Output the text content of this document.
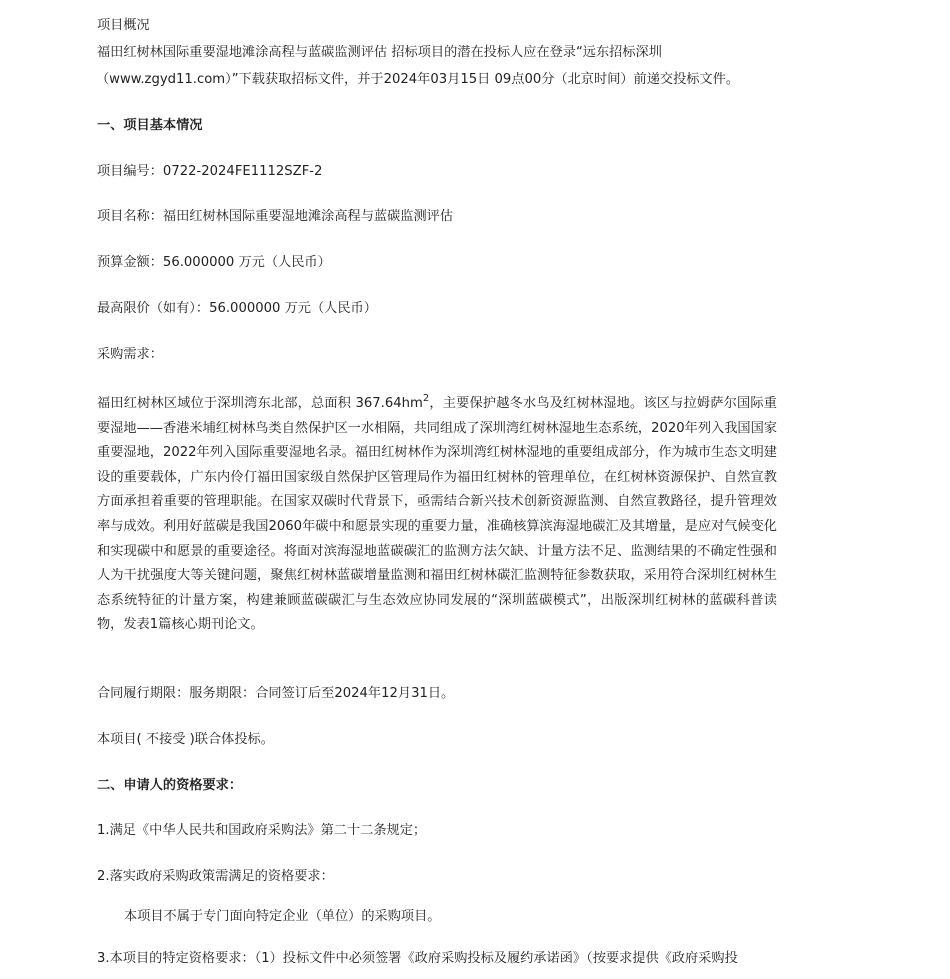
项目概况

福田红树林国际重要湿地滩涂高程与蓝碳监测评估 招标项目的潜在投标人应在登录“远东招标深圳

（www.zgyd11.com）”下载获取招标文件，并于2024年03月15日 09点00分（北京时间）前递交投标文件。

一、项目基本情况

项目编号：0722-2024FE1112SZF-2

项目名称：福田红树林国际重要湿地滩涂高程与蓝碳监测评估

预算金额：56.000000 万元（人民币）

最高限价（如有）：56.000000 万元（人民币）

采购需求：

福田红树林区域位于深圳湾东北部，总面积 $367.64hm^2$，主要保护越冬水鸟及红树林湿地。该区与拉姆萨尔国际重要湿地——香港米埔红树林鸟类自然保护区一水相隔，共同组成了深圳湾红树林湿地生态系统，2020年列入我国国家重要湿地，2022年列入国际重要湿地名录。福田红树林作为深圳湾红树林湿地的重要组成部分，作为城市生态文明建设的重要载体，广东内伶仃福田国家级自然保护区管理局作为福田红树林的管理单位，在红树林资源保护、自然宣教方面承担着重要的管理职能。在国家双碳时代背景下，亟需结合新兴技术创新资源监测、自然宣教路径，提升管理效率与成效。利用好蓝碳是我国2060年碳中和愿景实现的重要力量，准确核算滨海湿地碳汇及其增量，是应对气候变化和实现碳中和愿景的重要途径。将面对滨海湿地蓝碳碳汇的监测方法欠缺、计量方法不足、监测结果的不确定性强和人为干扰强度大等关键问题，聚焦红树林蓝碳增量监测和福田红树林碳汇监测特征参数获取，采用符合深圳红树林生态系统特征的计量方案，构建兼顾蓝碳碳汇与生态效应协同发展的“深圳蓝碳模式”，出版深圳红树林的蓝碳科普读物，发表1篇核心期刊论文。

合同履行期限：服务期限：合同签订后至2024年12月31日。

本项目( 不接受 )联合体投标。

二、申请人的资格要求：

1.满足《中华人民共和国政府采购法》第二十二条规定；

2.落实政府采购政策需满足的资格要求：

本项目不属于专门面向特定企业（单位）的采购项目。

3.本项目的特定资格要求：（1）投标文件中必须签署《政府采购投标及履约承诺函》（按要求提供《政府采购投
